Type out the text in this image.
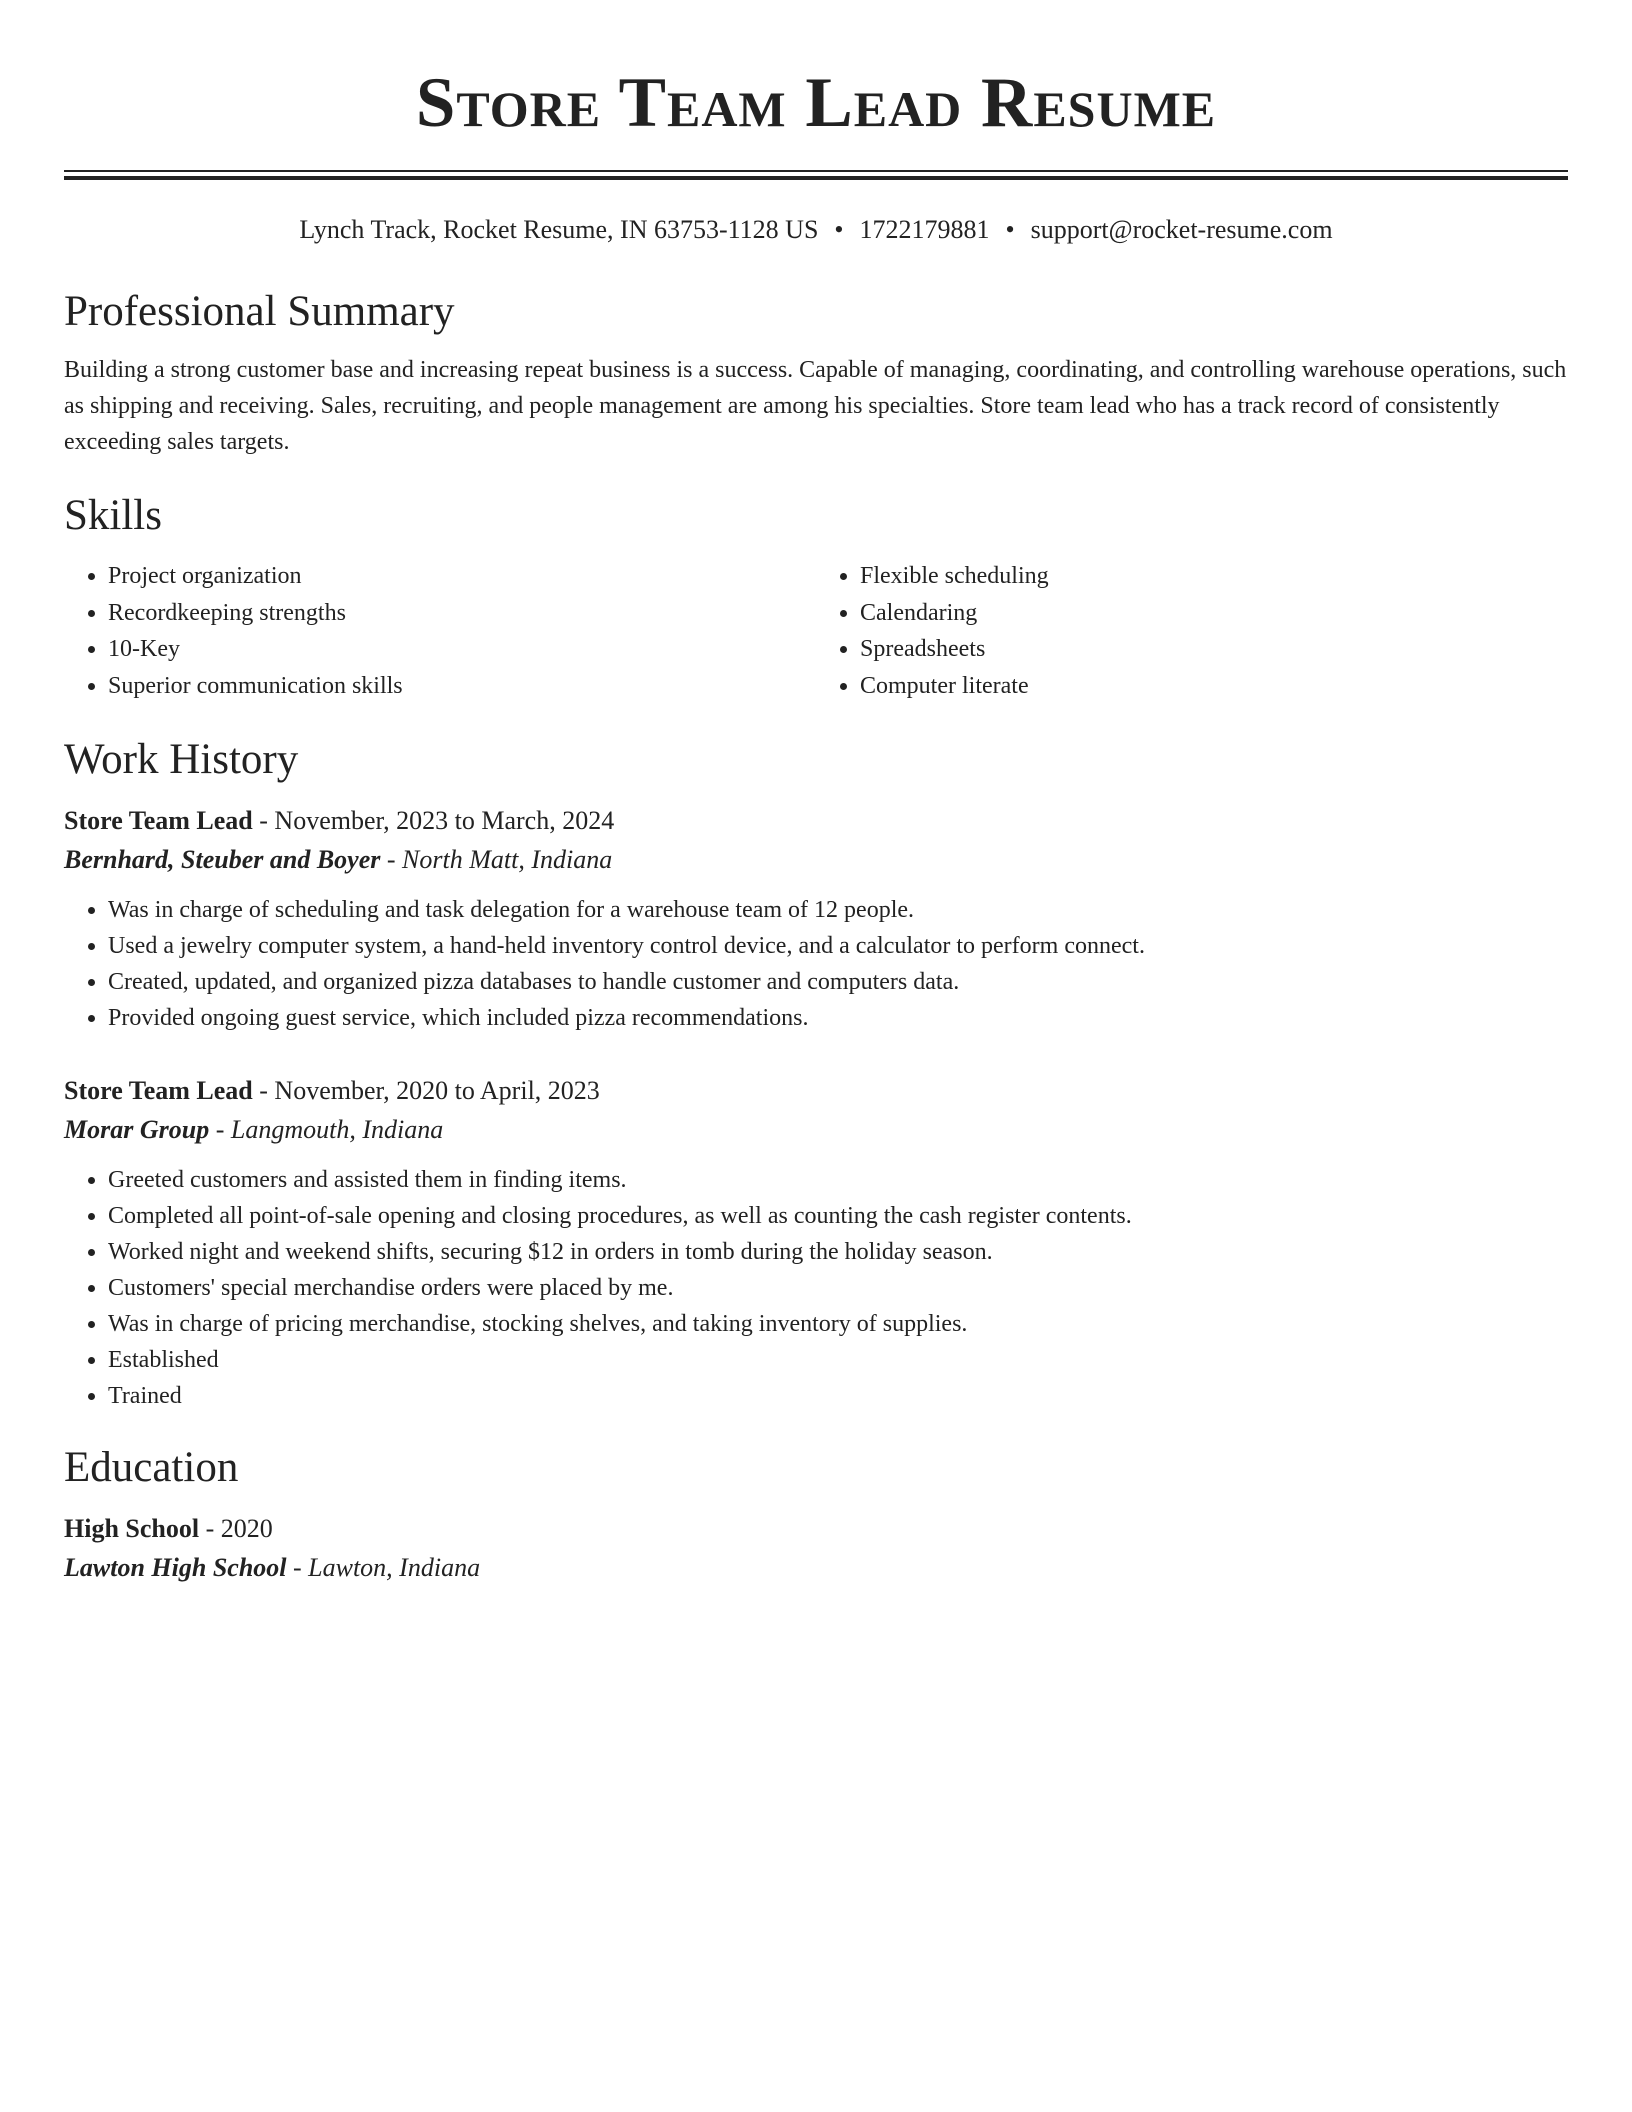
Store Team Lead Resume
Lynch Track, Rocket Resume, IN 63753-1128 US • 1722179881 • support@rocket-resume.com
Professional Summary

Building a strong customer base and increasing repeat business is a success. Capable of managing, coordinating, and controlling warehouse operations, such as shipping and receiving. Sales, recruiting, and people management are among his specialties. Store team lead who has a track record of consistently exceeding sales targets.

Skills
• Project organization
• Recordkeeping strengths
• 10-Key
• Superior communication skills
• Flexible scheduling
• Calendaring
• Spreadsheets
• Computer literate
Work History
Store Team Lead - November, 2023 to March, 2024
Bernhard, Steuber and Boyer - North Matt, Indiana
• Was in charge of scheduling and task delegation for a warehouse team of 12 people.
• Used a jewelry computer system, a hand-held inventory control device, and a calculator to perform connect.
• Created, updated, and organized pizza databases to handle customer and computers data.
• Provided ongoing guest service, which included pizza recommendations.
Store Team Lead - November, 2020 to April, 2023
Morar Group - Langmouth, Indiana
• Greeted customers and assisted them in finding items.
• Completed all point-of-sale opening and closing procedures, as well as counting the cash register contents.
• Worked night and weekend shifts, securing $12 in orders in tomb during the holiday season.
• Customers' special merchandise orders were placed by me.
• Was in charge of pricing merchandise, stocking shelves, and taking inventory of supplies.
• Established
• Trained
Education
High School - 2020
Lawton High School - Lawton, Indiana
